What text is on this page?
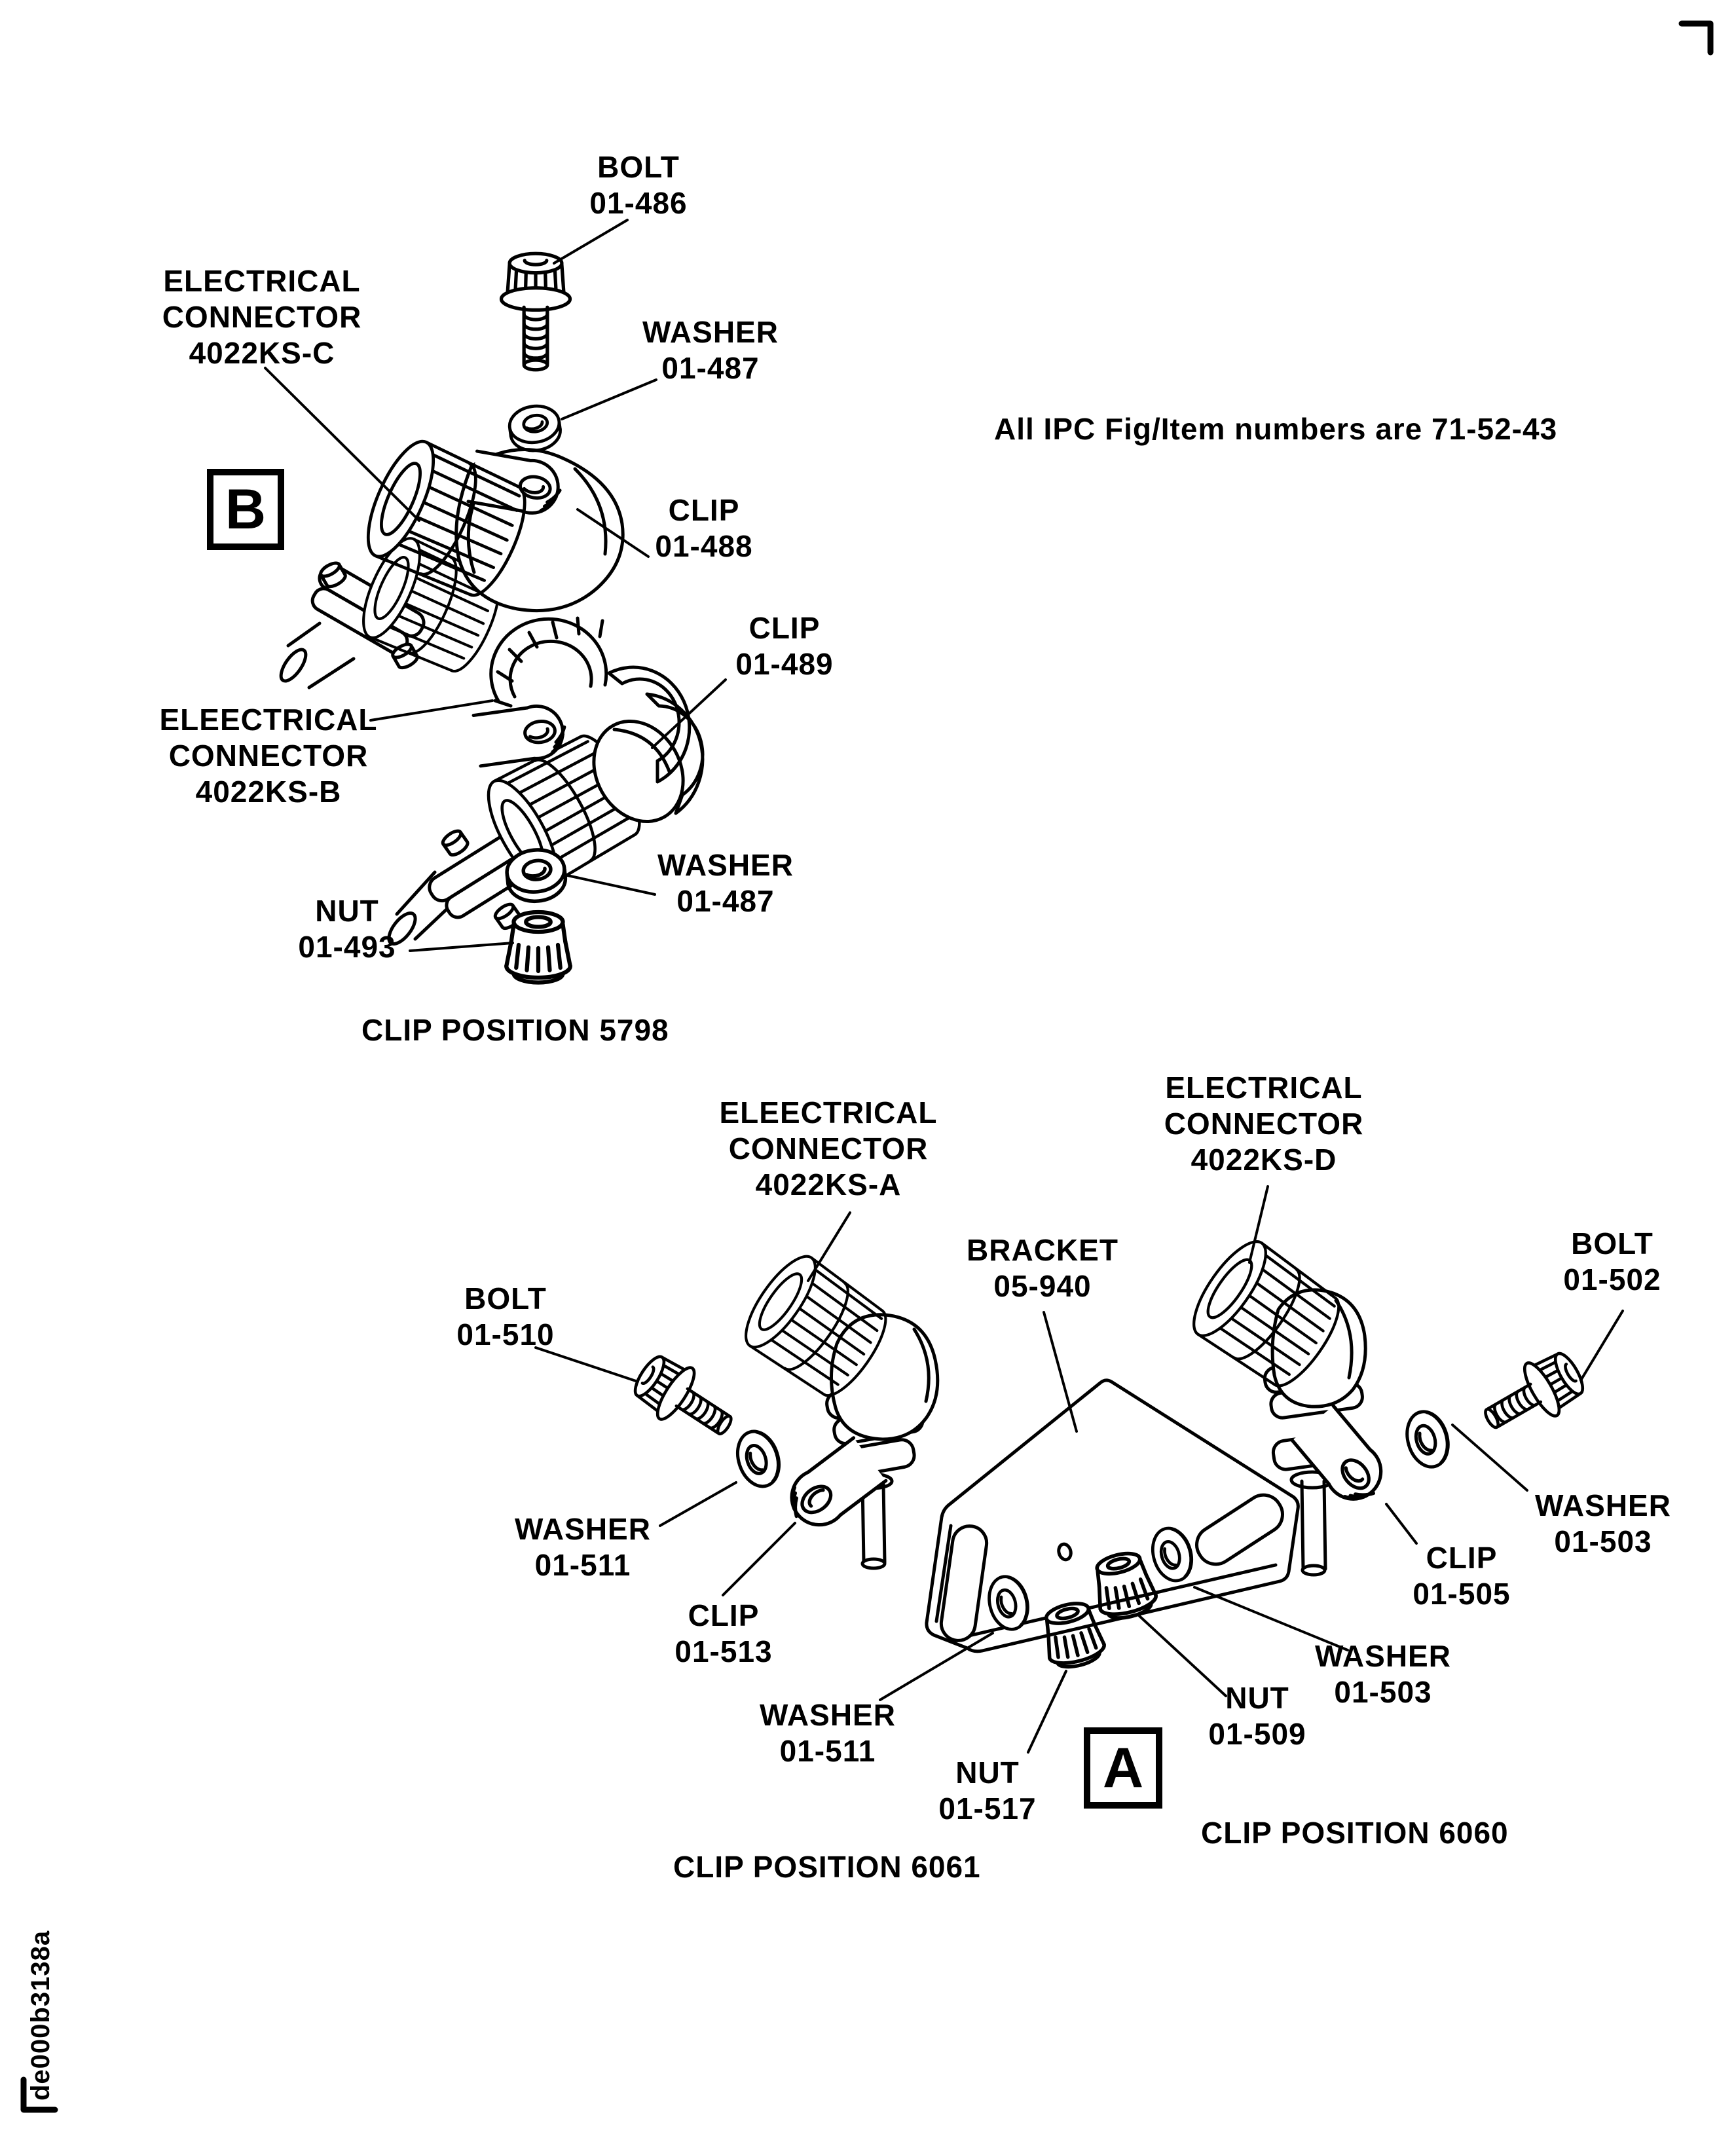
BOLT
01-486
ELECTRICAL
CONNECTOR
4022KS-C
WASHER
01-487
CLIP
01-488
CLIP
01-489
ELEECTRICAL
CONNECTOR
4022KS-B
WASHER
01-487
NUT
01-493
CLIP POSITION 5798
All IPC Fig/Item numbers are 71-52-43
B
ELEECTRICAL
CONNECTOR
4022KS-A
ELECTRICAL
CONNECTOR
4022KS-D
BRACKET
05-940
BOLT
01-502
BOLT
01-510
WASHER
01-511
CLIP
01-513
WASHER
01-503
CLIP
01-505
WASHER
01-511
NUT
01-517
NUT
01-509
WASHER
01-503
A
CLIP POSITION 6061
CLIP POSITION 6060
de000b3138a
